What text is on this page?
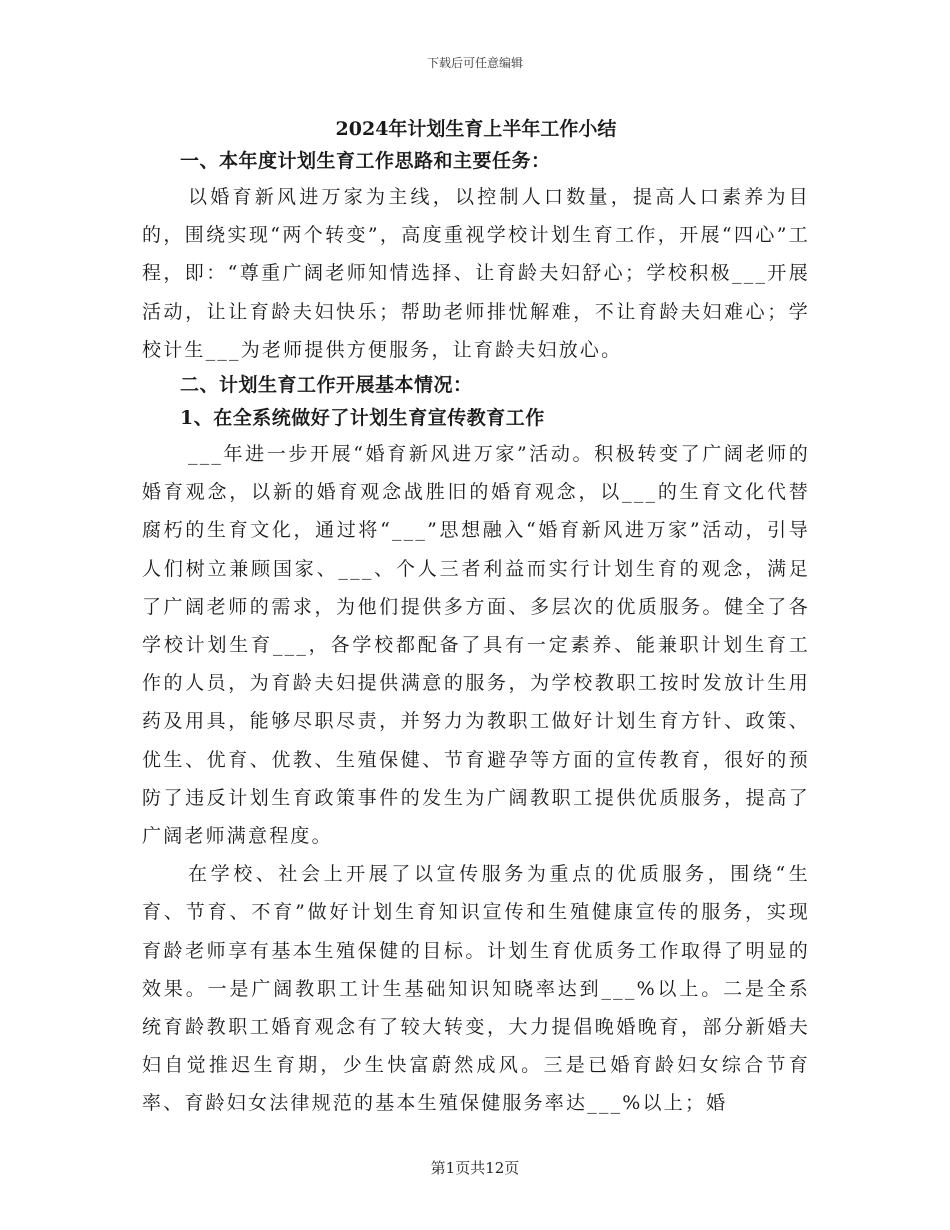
下载后可任意编辑
2024年计划生育上半年工作小结

一、本年度计划生育工作思路和主要任务：

以婚育新风进万家为主线，以控制人口数量，提高人口素养为目的，围绕实现“两个转变”，高度重视学校计划生育工作，开展“四心”工程，即：“尊重广阔老师知情选择、让育龄夫妇舒心；学校积极___开展活动，让让育龄夫妇快乐；帮助老师排忧解难，不让育龄夫妇难心；学校计生___为老师提供方便服务，让育龄夫妇放心。

二、计划生育工作开展基本情况：

1、在全系统做好了计划生育宣传教育工作

___年进一步开展“婚育新风进万家”活动。积极转变了广阔老师的婚育观念，以新的婚育观念战胜旧的婚育观念，以___的生育文化代替腐朽的生育文化，通过将“___”思想融入“婚育新风进万家”活动，引导人们树立兼顾国家、___、个人三者利益而实行计划生育的观念，满足了广阔老师的需求，为他们提供多方面、多层次的优质服务。健全了各学校计划生育___，各学校都配备了具有一定素养、能兼职计划生育工作的人员，为育龄夫妇提供满意的服务，为学校教职工按时发放计生用药及用具，能够尽职尽责，并努力为教职工做好计划生育方针、政策、优生、优育、优教、生殖保健、节育避孕等方面的宣传教育，很好的预防了违反计划生育政策事件的发生为广阔教职工提供优质服务，提高了广阔老师满意程度。

在学校、社会上开展了以宣传服务为重点的优质服务，围绕“生育、节育、不育”做好计划生育知识宣传和生殖健康宣传的服务，实现育龄老师享有基本生殖保健的目标。计划生育优质务工作取得了明显的效果。一是广阔教职工计生基础知识知晓率达到___%以上。二是全系统育龄教职工婚育观念有了较大转变，大力提倡晚婚晚育，部分新婚夫妇自觉推迟生育期，少生快富蔚然成风。三是已婚育龄妇女综合节育率、育龄妇女法律规范的基本生殖保健服务率达___%以上；婚

第1页共12页
